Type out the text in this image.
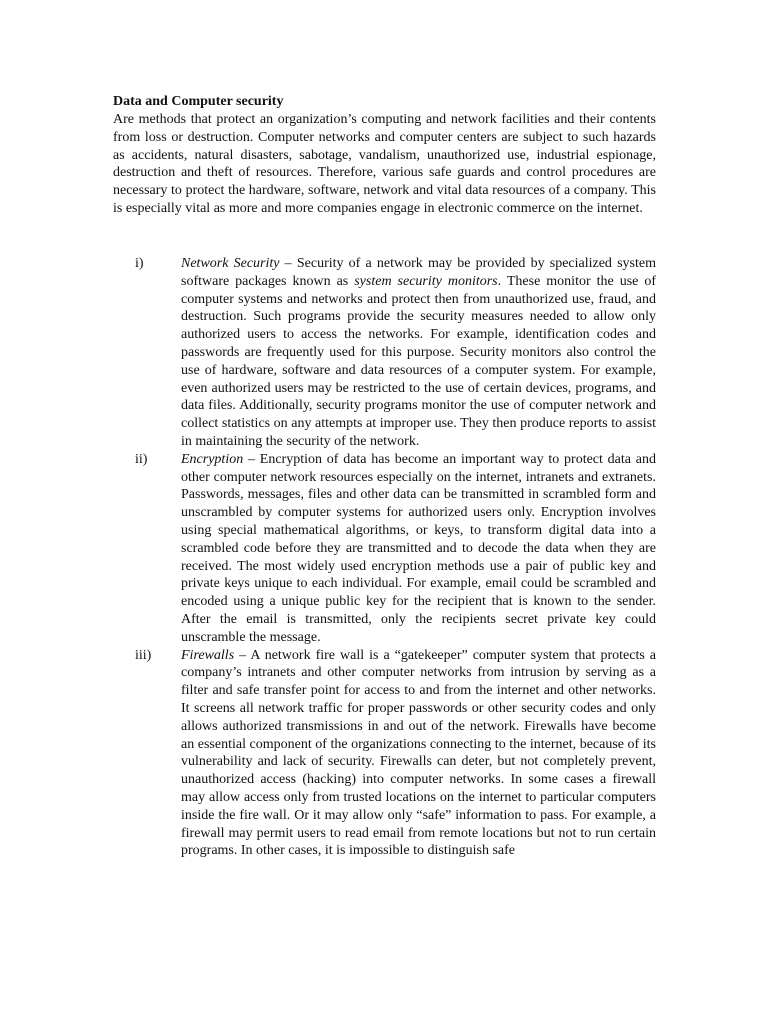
Data and Computer security

Are methods that protect an organization’s computing and network facilities and their contents from loss or destruction. Computer networks and computer centers are subject to such hazards as accidents, natural disasters, sabotage, vandalism, unauthorized use, industrial espionage, destruction and theft of resources. Therefore, various safe guards and control procedures are necessary to protect the hardware, software, network and vital data resources of a company. This is especially vital as more and more companies engage in electronic commerce on the internet.

i)	Network Security – Security of a network may be provided by specialized system software packages known as system security monitors. These monitor the use of computer systems and networks and protect then from unauthorized use, fraud, and destruction. Such programs provide the security measures needed to allow only authorized users to access the networks. For example, identification codes and passwords are frequently used for this purpose. Security monitors also control the use of hardware, software and data resources of a computer system. For example, even authorized users may be restricted to the use of certain devices, programs, and data files. Additionally, security programs monitor the use of computer network and collect statistics on any attempts at improper use. They then produce reports to assist in maintaining the security of the network.
ii) Encryption – Encryption of data has become an important way to protect data and other computer network resources especially on the internet, intranets and extranets. Passwords, messages, files and other data can be transmitted in scrambled form and unscrambled by computer systems for authorized users only. Encryption involves using special mathematical algorithms, or keys, to transform digital data into a scrambled code before they are transmitted and to decode the data when they are received. The most widely used encryption methods use a pair of public key and private keys unique to each individual. For example, email could be scrambled and encoded using a unique public key for the recipient that is known to the sender. After the email is transmitted, only the recipients secret private key could unscramble the message.
iii) Firewalls – A network fire wall is a “gatekeeper” computer system that protects a company’s intranets and other computer networks from intrusion by serving as a filter and safe transfer point for access to and from the internet and other networks. It screens all network traffic for proper passwords or other security codes and only allows authorized transmissions in and out of the network. Firewalls have become an essential component of the organizations connecting to the internet, because of its vulnerability and lack of security. Firewalls can deter, but not completely prevent, unauthorized access (hacking) into computer networks. In some cases a firewall may allow access only from trusted locations on the internet to particular computers inside the fire wall. Or it may allow only “safe” information to pass. For example, a firewall may permit users to read email from remote locations but not to run certain programs. In other cases, it is impossible to distinguish safe
